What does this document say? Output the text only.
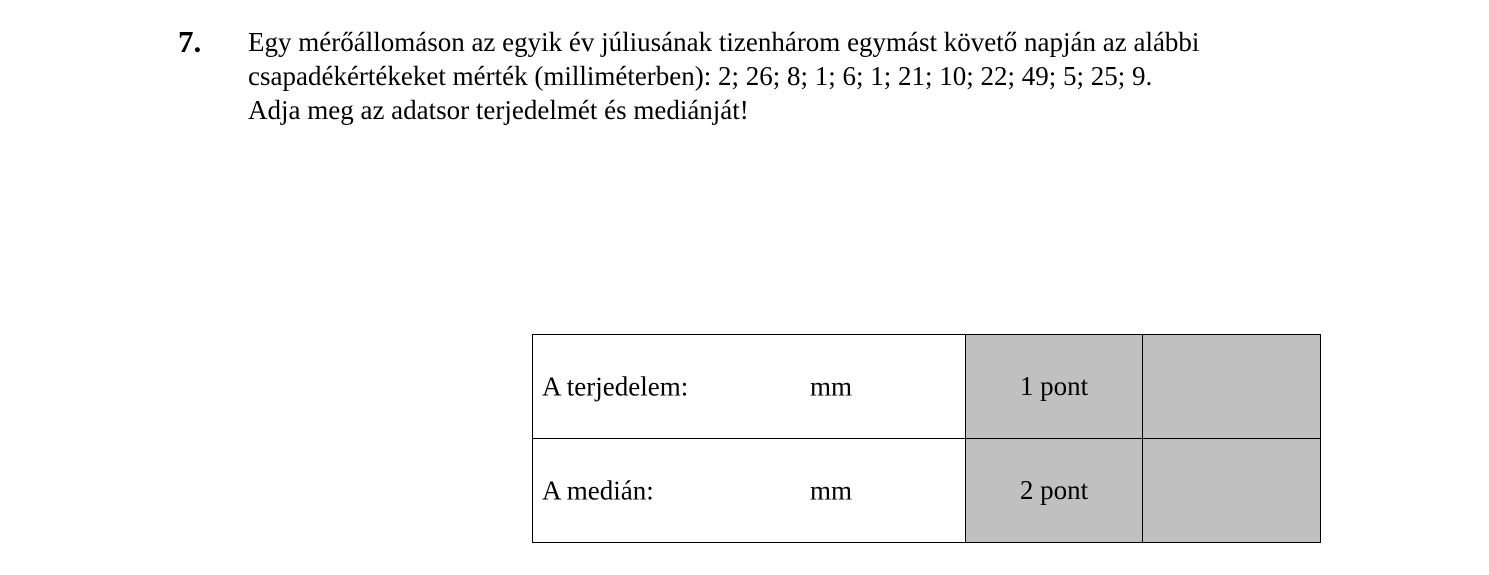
7. Egy mérőállomáson az egyik év júliusának tizenhárom egymást követő napján az alábbi

csapadékértékeket mérték (milliméterben): 2; 26; 8; 1; 6; 1; 21; 10; 22; 49; 5; 25; 9.

Adja meg az adatsor terjedelmét és mediánját!

A terjedelem: mm	1 pont	

A medián: mm	2 pont	
